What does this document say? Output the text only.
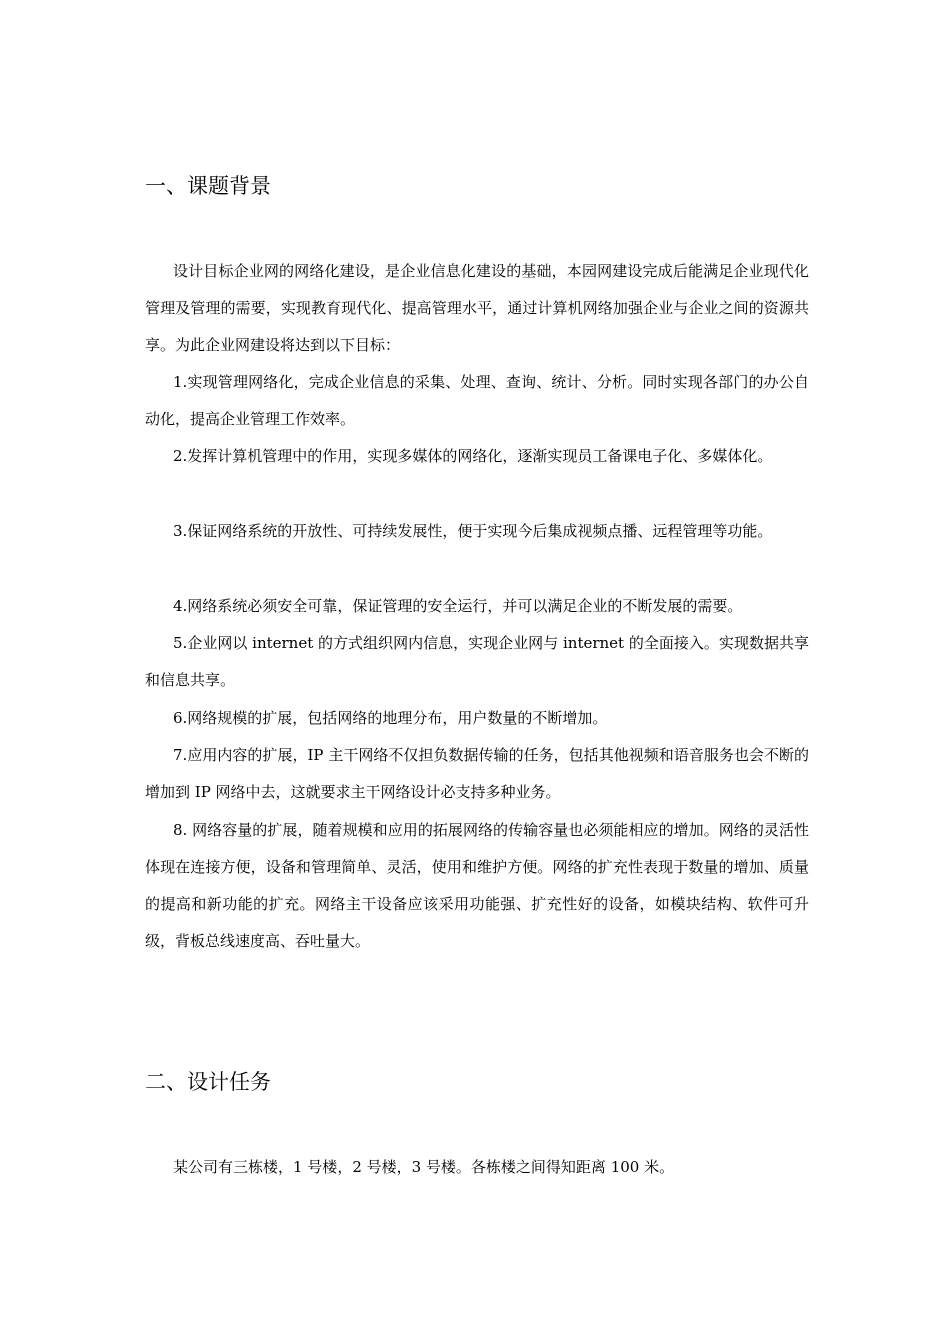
一、课题背景

设计目标企业网的网络化建设，是企业信息化建设的基础，本园网建设完成后能满足企业现代化管理及管理的需要，实现教育现代化、提高管理水平，通过计算机网络加强企业与企业之间的资源共享。为此企业网建设将达到以下目标：

1.实现管理网络化，完成企业信息的采集、处理、查询、统计、分析。同时实现各部门的办公自动化，提高企业管理工作效率。

2.发挥计算机管理中的作用，实现多媒体的网络化，逐渐实现员工备课电子化、多媒体化。

3.保证网络系统的开放性、可持续发展性，便于实现今后集成视频点播、远程管理等功能。

4.网络系统必须安全可靠，保证管理的安全运行，并可以满足企业的不断发展的需要。

5.企业网以 internet 的方式组织网内信息，实现企业网与 internet 的全面接入。实现数据共享和信息共享。

6.网络规模的扩展，包括网络的地理分布，用户数量的不断增加。

7.应用内容的扩展，IP 主干网络不仅担负数据传输的任务，包括其他视频和语音服务也会不断的增加到 IP 网络中去，这就要求主干网络设计必支持多种业务。

8. 网络容量的扩展，随着规模和应用的拓展网络的传输容量也必须能相应的增加。网络的灵活性体现在连接方便，设备和管理简单、灵活，使用和维护方便。网络的扩充性表现于数量的增加、质量的提高和新功能的扩充。网络主干设备应该采用功能强、扩充性好的设备，如模块结构、软件可升级，背板总线速度高、吞吐量大。

二、设计任务

某公司有三栋楼，1 号楼，2 号楼，3 号楼。各栋楼之间得知距离 100 米。
